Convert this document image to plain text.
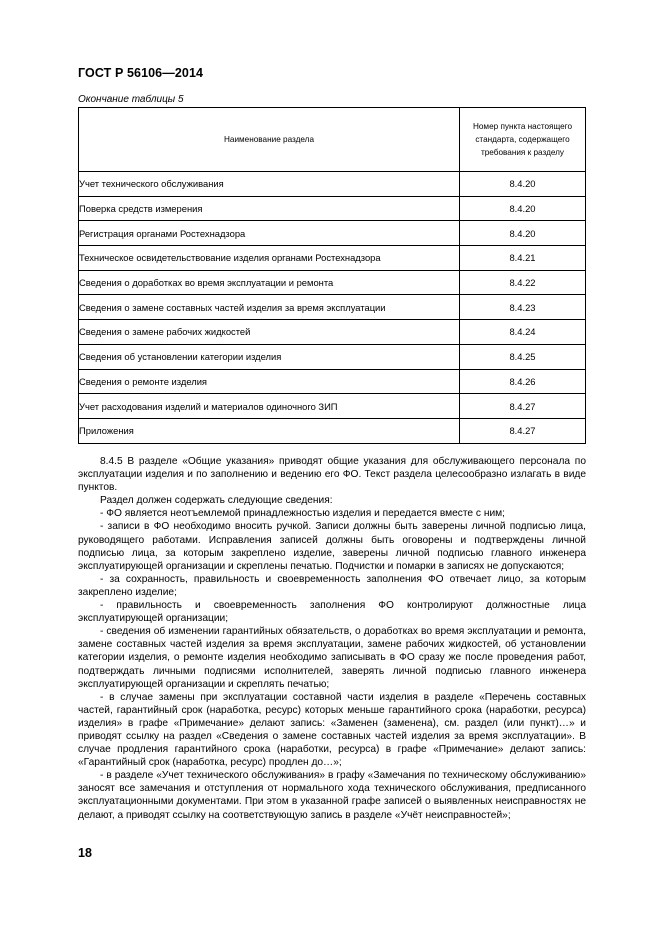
ГОСТ Р 56106—2014
Окончание таблицы 5
Наименование раздела	Номер пункта настоящего стандарта, содержащего требования к разделу
Учет технического обслуживания	8.4.20
Поверка средств измерения	8.4.20
Регистрация органами Ростехнадзора	8.4.20
Техническое освидетельствование изделия органами Ростехнадзора	8.4.21
Сведения о доработках во время эксплуатации и ремонта	8.4.22
Сведения о замене составных частей изделия за время эксплуатации	8.4.23
Сведения о замене рабочих жидкостей	8.4.24
Сведения об установлении категории изделия	8.4.25
Сведения о ремонте изделия	8.4.26
Учет расходования изделий и материалов одиночного ЗИП	8.4.27
Приложения	8.4.27

8.4.5 В разделе «Общие указания» приводят общие указания для обслуживающего персонала по эксплуатации изделия и по заполнению и ведению его ФО. Текст раздела целесообразно излагать в виде пунктов.

Раздел должен содержать следующие сведения:

- ФО является неотъемлемой принадлежностью изделия и передается вместе с ним;

- записи в ФО необходимо вносить ручкой. Записи должны быть заверены личной подписью лица, руководящего работами. Исправления записей должны быть оговорены и подтверждены личной подписью лица, за которым закреплено изделие, заверены личной подписью главного инженера эксплуатирующей организации и скреплены печатью. Подчистки и помарки в записях не допускаются;

- за сохранность, правильность и своевременность заполнения ФО отвечает лицо, за которым закреплено изделие;

- правильность и своевременность заполнения ФО контролируют должностные лица эксплуатирующей организации;

- сведения об изменении гарантийных обязательств, о доработках во время эксплуатации и ремонта, замене составных частей изделия за время эксплуатации, замене рабочих жидкостей, об установлении категории изделия, о ремонте изделия необходимо записывать в ФО сразу же после проведения работ, подтверждать личными подписями исполнителей, заверять личной подписью главного инженера эксплуатирующей организации и скреплять печатью;

- в случае замены при эксплуатации составной части изделия в разделе «Перечень составных частей, гарантийный срок (наработка, ресурс) которых меньше гарантийного срока (наработки, ресурса) изделия» в графе «Примечание» делают запись: «Заменен (заменена), см. раздел (или пункт)…» и приводят ссылку на раздел «Сведения о замене составных частей изделия за время эксплуатации». В случае продления гарантийного срока (наработки, ресурса) в графе «Примечание» делают запись: «Гарантийный срок (наработка, ресурс) продлен до…»;

- в разделе «Учет технического обслуживания» в графу «Замечания по техническому обслуживанию» заносят все замечания и отступления от нормального хода технического обслуживания, предписанного эксплуатационными документами. При этом в указанной графе записей о выявленных неисправностях не делают, а приводят ссылку на соответствующую запись в разделе «Учёт неисправностей»;

18
